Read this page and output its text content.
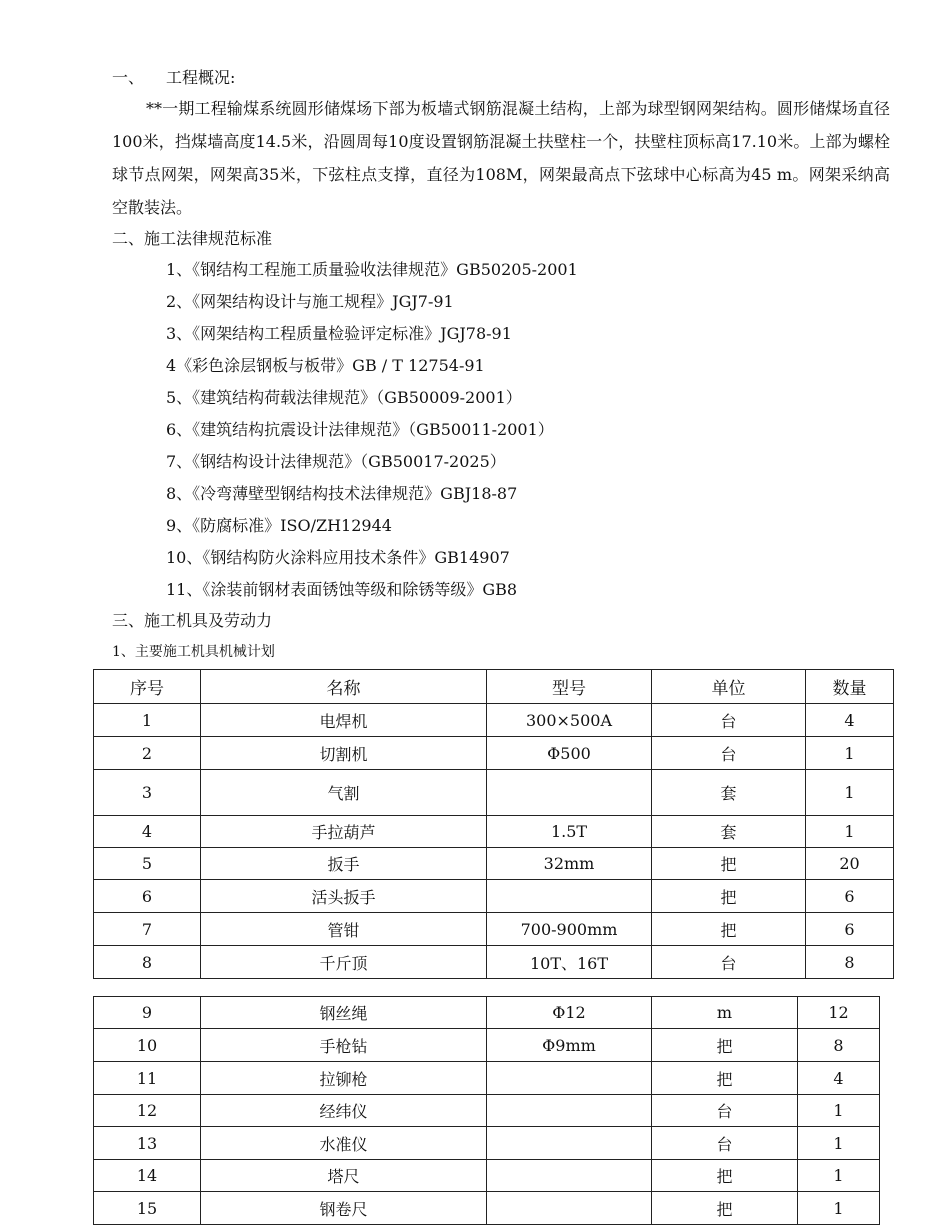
一、 工程概况:
**一期工程输煤系统圆形储煤场下部为板墙式钢筋混凝土结构，上部为球型钢网架结构。圆形储煤场直径100米，挡煤墙高度14.5米，沿圆周每10度设置钢筋混凝土扶壁柱一个，扶壁柱顶标高17.10米。上部为螺栓球节点网架，网架高35米，下弦柱点支撑，直径为108M，网架最高点下弦球中心标高为45 m。网架采纳高空散装法。
二、施工法律规范标准
1、《钢结构工程施工质量验收法律规范》GB50205-2001
2、《网架结构设计与施工规程》JGJ7-91
3、《网架结构工程质量检验评定标准》JGJ78-91
4《彩色涂层钢板与板带》GB / T 12754-91
5、《建筑结构荷载法律规范》（GB50009-2001）
6、《建筑结构抗震设计法律规范》（GB50011-2001）
7、《钢结构设计法律规范》（GB50017-2025）
8、《冷弯薄壁型钢结构技术法律规范》GBJ18-87
9、《防腐标准》ISO/ZH12944
10、《钢结构防火涂料应用技术条件》GB14907
11、《涂装前钢材表面锈蚀等级和除锈等级》GB8
三、施工机具及劳动力
1、主要施工机具机械计划
序号	名称	型号	单位	数量
1	电焊机	300×500A	台	4
2	切割机	Φ500	台	1
3	气割		套	1
4	手拉葫芦	1.5T	套	1
5	扳手	32mm	把	20
6	活头扳手		把	6
7	管钳	700-900mm	把	6
8	千斤顶	10T、16T	台	8
9	钢丝绳	Φ12	m	12
10	手枪钻	Φ9mm	把	8
11	拉铆枪		把	4
12	经纬仪		台	1
13	水准仪		台	1
14	塔尺		把	1
15	钢卷尺		把	1
